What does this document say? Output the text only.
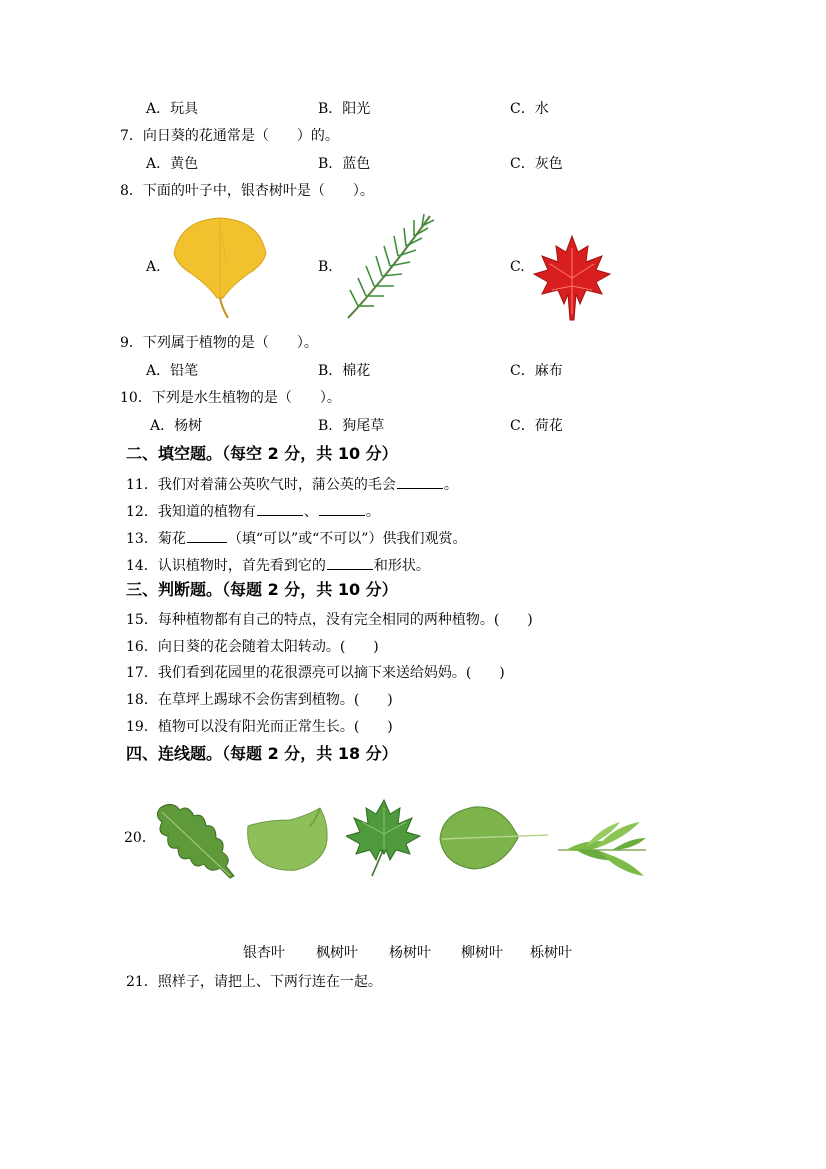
A．玩具	B．阳光	C．水
7．向日葵的花通常是（　　）的。
A．黄色	B．蓝色	C．灰色
8．下面的叶子中，银杏树叶是（　　）。
A.	B.	C.
9．下列属于植物的是（　　）。
A．铅笔	B．棉花	C．麻布
10．下列是水生植物的是（　　）。
A．杨树	B．狗尾草	C．荷花
二、填空题。（每空 2 分，共 10 分）
11．我们对着蒲公英吹气时，蒲公英的毛会	。
12．我知道的植物有	、	。
13．菊花	（填“可以”或“不可以”）供我们观赏。
14．认识植物时，首先看到它的	和形状。
三、判断题。（每题 2 分，共 10 分）
15．每种植物都有自己的特点，没有完全相同的两种植物。(　　)
16．向日葵的花会随着太阳转动。(　　)
17．我们看到花园里的花很漂亮可以摘下来送给妈妈。(　　)
18．在草坪上踢球不会伤害到植物。(　　)
19．植物可以没有阳光而正常生长。(　　)
四、连线题。（每题 2 分，共 18 分）
20．
银杏叶 枫树叶 杨树叶 柳树叶 栎树叶
21．照样子，请把上、下两行连在一起。
